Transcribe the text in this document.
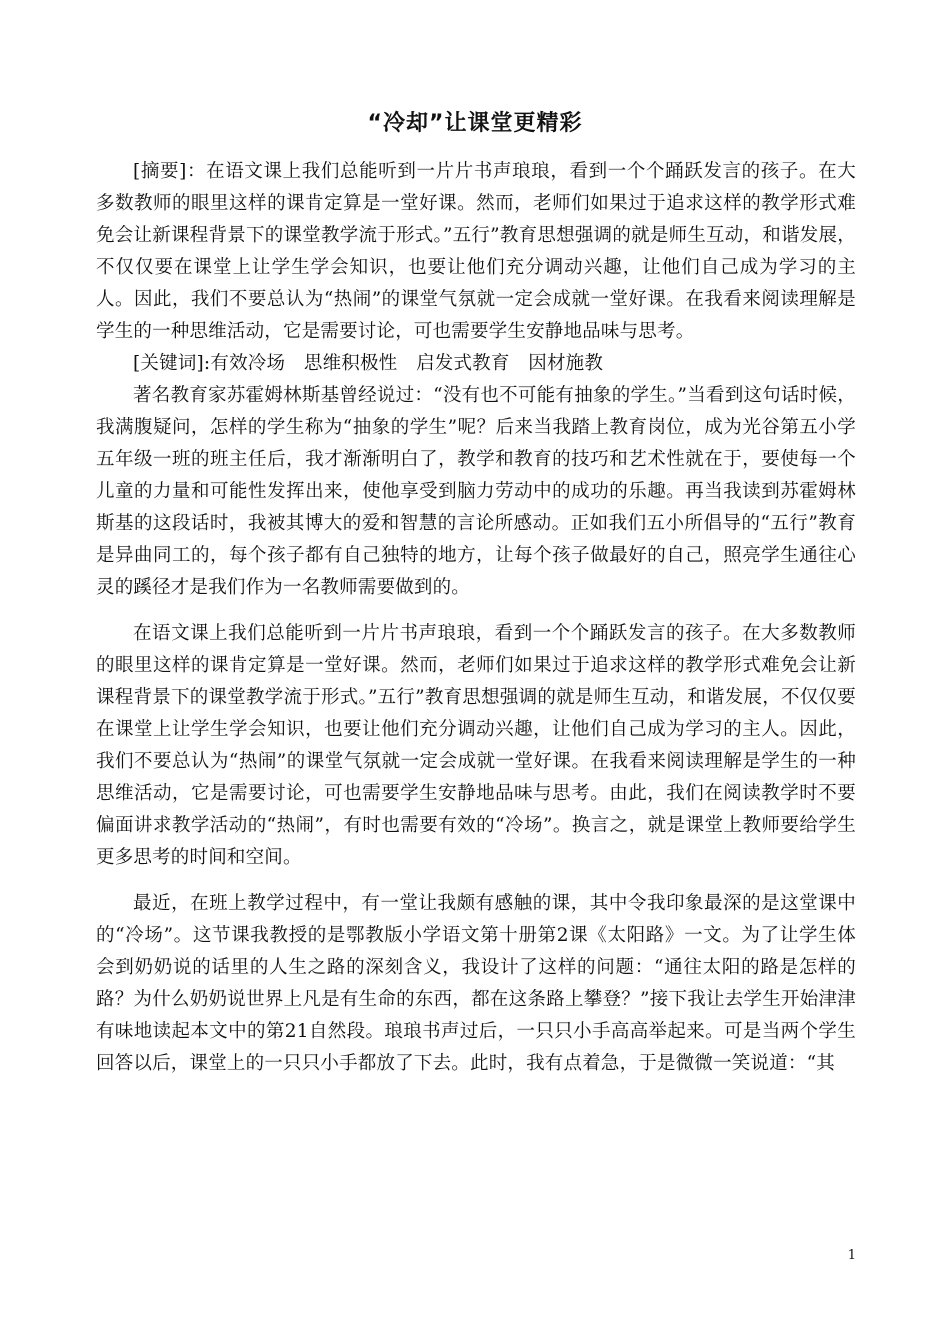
“冷却”让课堂更精彩

[摘要]：在语文课上我们总能听到一片片书声琅琅，看到一个个踊跃发言的孩子。在大多数教师的眼里这样的课肯定算是一堂好课。然而，老师们如果过于追求这样的教学形式难免会让新课程背景下的课堂教学流于形式。”五行”教育思想强调的就是师生互动，和谐发展，不仅仅要在课堂上让学生学会知识，也要让他们充分调动兴趣，让他们自己成为学习的主人。因此，我们不要总认为“热闹”的课堂气氛就一定会成就一堂好课。在我看来阅读理解是学生的一种思维活动，它是需要讨论，可也需要学生安静地品味与思考。

[关键词]:有效冷场　思维积极性　启发式教育　因材施教

著名教育家苏霍姆林斯基曾经说过：“没有也不可能有抽象的学生。”当看到这句话时候，我满腹疑问，怎样的学生称为“抽象的学生”呢？后来当我踏上教育岗位，成为光谷第五小学五年级一班的班主任后，我才渐渐明白了，教学和教育的技巧和艺术性就在于，要使每一个儿童的力量和可能性发挥出来，使他享受到脑力劳动中的成功的乐趣。再当我读到苏霍姆林斯基的这段话时，我被其博大的爱和智慧的言论所感动。正如我们五小所倡导的“五行”教育是异曲同工的，每个孩子都有自己独特的地方，让每个孩子做最好的自己，照亮学生通往心灵的蹊径才是我们作为一名教师需要做到的。

在语文课上我们总能听到一片片书声琅琅，看到一个个踊跃发言的孩子。在大多数教师的眼里这样的课肯定算是一堂好课。然而，老师们如果过于追求这样的教学形式难免会让新课程背景下的课堂教学流于形式。”五行”教育思想强调的就是师生互动，和谐发展，不仅仅要在课堂上让学生学会知识，也要让他们充分调动兴趣，让他们自己成为学习的主人。因此，我们不要总认为“热闹”的课堂气氛就一定会成就一堂好课。在我看来阅读理解是学生的一种思维活动，它是需要讨论，可也需要学生安静地品味与思考。由此，我们在阅读教学时不要偏面讲求教学活动的“热闹”，有时也需要有效的“冷场”。换言之，就是课堂上教师要给学生更多思考的时间和空间。

最近，在班上教学过程中，有一堂让我颇有感触的课，其中令我印象最深的是这堂课中的“冷场”。这节课我教授的是鄂教版小学语文第十册第2课《太阳路》一文。为了让学生体会到奶奶说的话里的人生之路的深刻含义，我设计了这样的问题：“通往太阳的路是怎样的路？为什么奶奶说世界上凡是有生命的东西，都在这条路上攀登？”接下我让去学生开始津津有味地读起本文中的第21自然段。琅琅书声过后，一只只小手高高举起来。可是当两个学生回答以后，课堂上的一只只小手都放了下去。此时，我有点着急，于是微微一笑说道：“其

1
